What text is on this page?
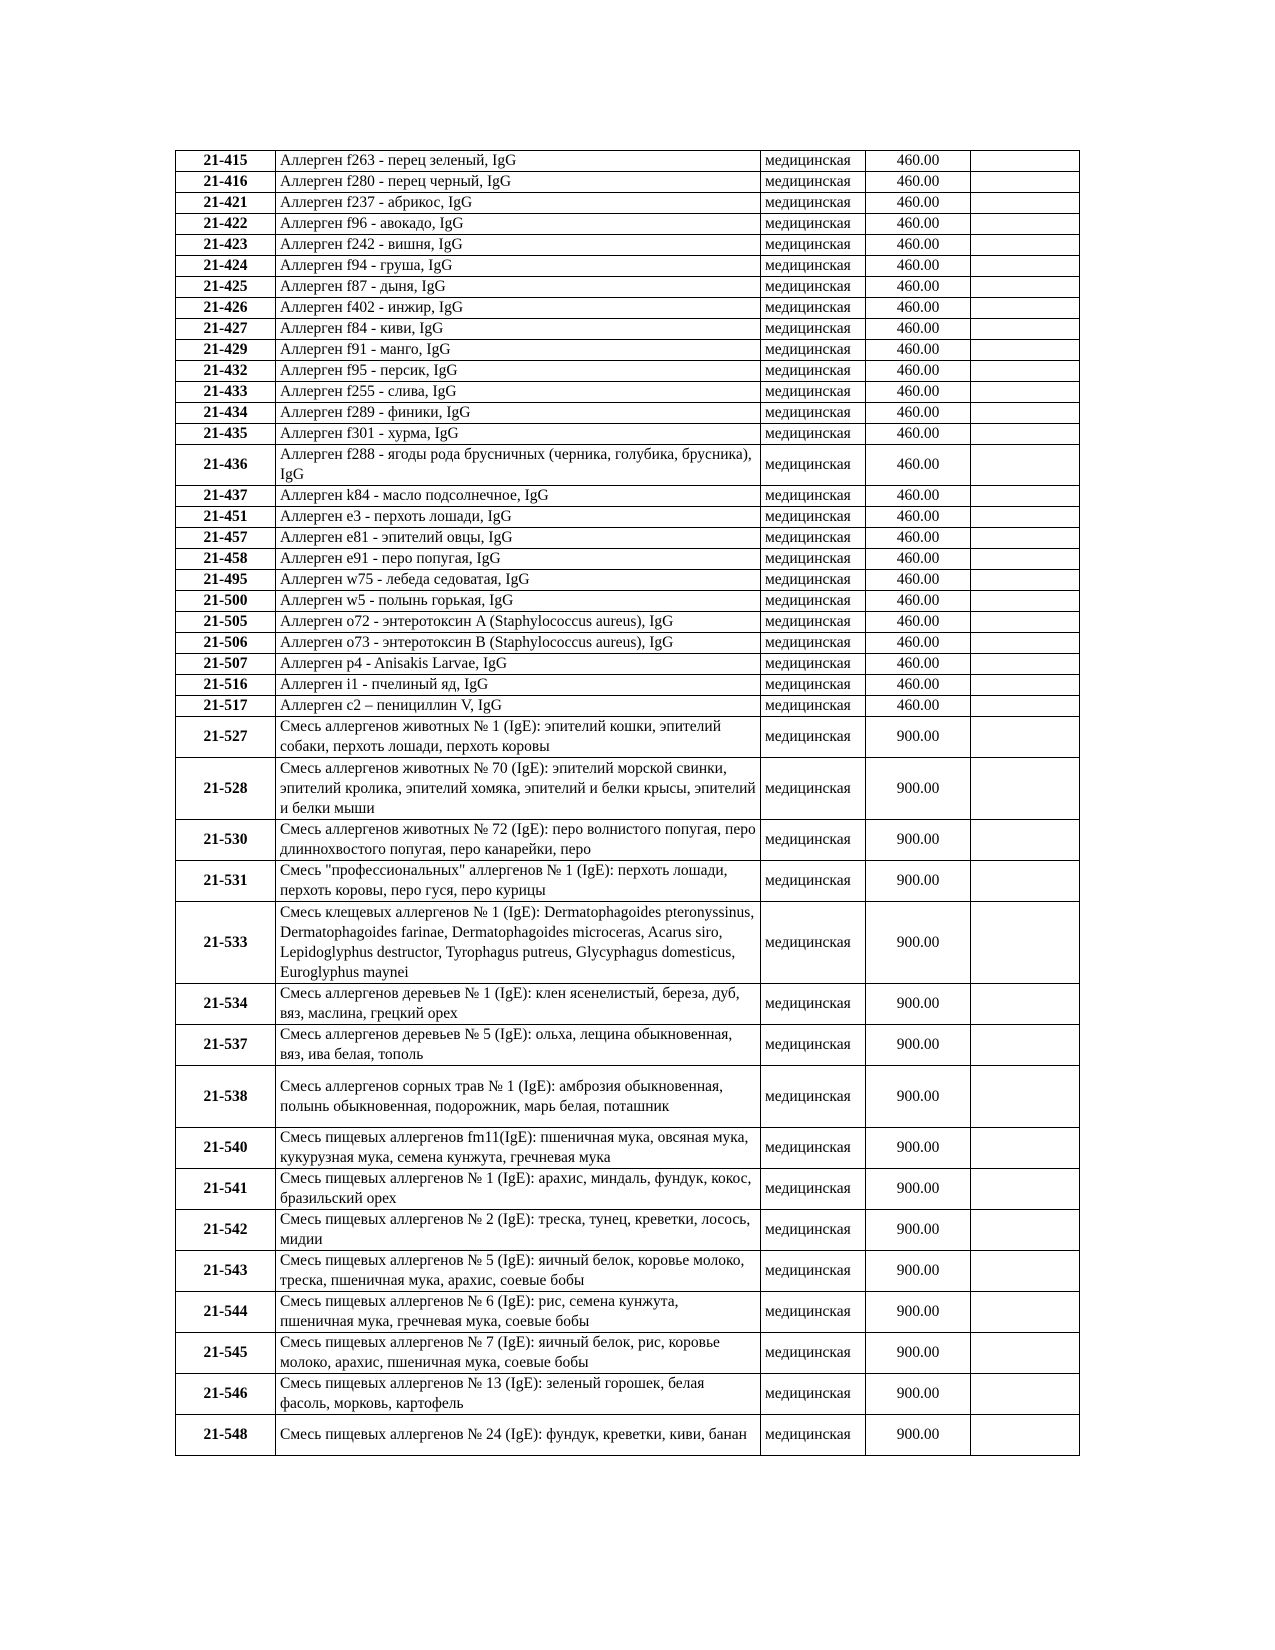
21-415	Аллерген f263 - перец зеленый, IgG	медицинская	460.00	
21-416	Аллерген f280 - перец черный, IgG	медицинская	460.00	
21-421	Аллерген f237 - абрикос, IgG	медицинская	460.00	
21-422	Аллерген f96 - авокадо, IgG	медицинская	460.00	
21-423	Аллерген f242 - вишня, IgG	медицинская	460.00	
21-424	Аллерген f94 - груша, IgG	медицинская	460.00	
21-425	Аллерген f87 - дыня, IgG	медицинская	460.00	
21-426	Аллерген f402 - инжир, IgG	медицинская	460.00	
21-427	Аллерген f84 - киви, IgG	медицинская	460.00	
21-429	Аллерген f91 - манго, IgG	медицинская	460.00	
21-432	Аллерген f95 - персик, IgG	медицинская	460.00	
21-433	Аллерген f255 - слива, IgG	медицинская	460.00	
21-434	Аллерген f289 - финики, IgG	медицинская	460.00	
21-435	Аллерген f301 - хурма, IgG	медицинская	460.00	
21-436	Аллерген f288 - ягоды рода брусничных (черника, голубика, брусника), IgG	медицинская	460.00	
21-437	Аллерген k84 - масло подсолнечное, IgG	медицинская	460.00	
21-451	Аллерген e3 - перхоть лошади, IgG	медицинская	460.00	
21-457	Аллерген e81 - эпителий овцы, IgG	медицинская	460.00	
21-458	Аллерген e91 - перо попугая, IgG	медицинская	460.00	
21-495	Аллерген w75 - лебеда седоватая, IgG	медицинская	460.00	
21-500	Аллерген w5 - полынь горькая, IgG	медицинская	460.00	
21-505	Аллерген o72 - энтеротоксин A (Staphylococcus aureus), IgG	медицинская	460.00	
21-506	Аллерген o73 - энтеротоксин B (Staphylococcus aureus), IgG	медицинская	460.00	
21-507	Аллерген p4 - Anisakis Larvae, IgG	медицинская	460.00	
21-516	Аллерген i1 - пчелиный яд, IgG	медицинская	460.00	
21-517	Аллерген c2 – пенициллин V, IgG	медицинская	460.00	
21-527	Смесь аллергенов животных № 1 (IgE): эпителий кошки, эпителий собаки, перхоть лошади, перхоть коровы	медицинская	900.00	
21-528	Смесь аллергенов животных № 70 (IgE): эпителий морской свинки, эпителий кролика, эпителий хомяка, эпителий и белки крысы, эпителий и белки мыши	медицинская	900.00	
21-530	Смесь аллергенов животных № 72 (IgE): перо волнистого попугая, перо длиннохвостого попугая, перо канарейки, перо	медицинская	900.00	
21-531	Смесь "профессиональных" аллергенов № 1 (IgE): перхоть лошади, перхоть коровы, перо гуся, перо курицы	медицинская	900.00	
21-533	Смесь клещевых аллергенов № 1 (IgE): Dermatophagoides pteronyssinus, Dermatophagoides farinae, Dermatophagoides microceras, Acarus siro, Lepidoglyphus destructor, Tyrophagus putreus, Glycyphagus domesticus, Euroglyphus maynei	медицинская	900.00	
21-534	Смесь аллергенов деревьев № 1 (IgE): клен ясенелистый, береза, дуб, вяз, маслина, грецкий орех	медицинская	900.00	
21-537	Смесь аллергенов деревьев № 5 (IgE): ольха, лещина обыкновенная, вяз, ива белая, тополь	медицинская	900.00	
21-538	Смесь аллергенов сорных трав № 1 (IgE): амброзия обыкновенная, полынь обыкновенная, подорожник, марь белая, поташник	медицинская	900.00	
21-540	Смесь пищевых аллергенов fm11(IgE): пшеничная мука, овсяная мука, кукурузная мука, семена кунжута, гречневая мука	медицинская	900.00	
21-541	Смесь пищевых аллергенов № 1 (IgE): арахис, миндаль, фундук, кокос, бразильский орех	медицинская	900.00	
21-542	Смесь пищевых аллергенов № 2 (IgE): треска, тунец, креветки, лосось, мидии	медицинская	900.00	
21-543	Смесь пищевых аллергенов № 5 (IgE): яичный белок, коровье молоко, треска, пшеничная мука, арахис, соевые бобы	медицинская	900.00	
21-544	Смесь пищевых аллергенов № 6 (IgE): рис, семена кунжута, пшеничная мука, гречневая мука, соевые бобы	медицинская	900.00	
21-545	Смесь пищевых аллергенов № 7 (IgE): яичный белок, рис, коровье молоко, арахис, пшеничная мука, соевые бобы	медицинская	900.00	
21-546	Смесь пищевых аллергенов № 13 (IgE): зеленый горошек, белая фасоль, морковь, картофель	медицинская	900.00	
21-548	Смесь пищевых аллергенов № 24 (IgE): фундук, креветки, киви, банан	медицинская	900.00	
